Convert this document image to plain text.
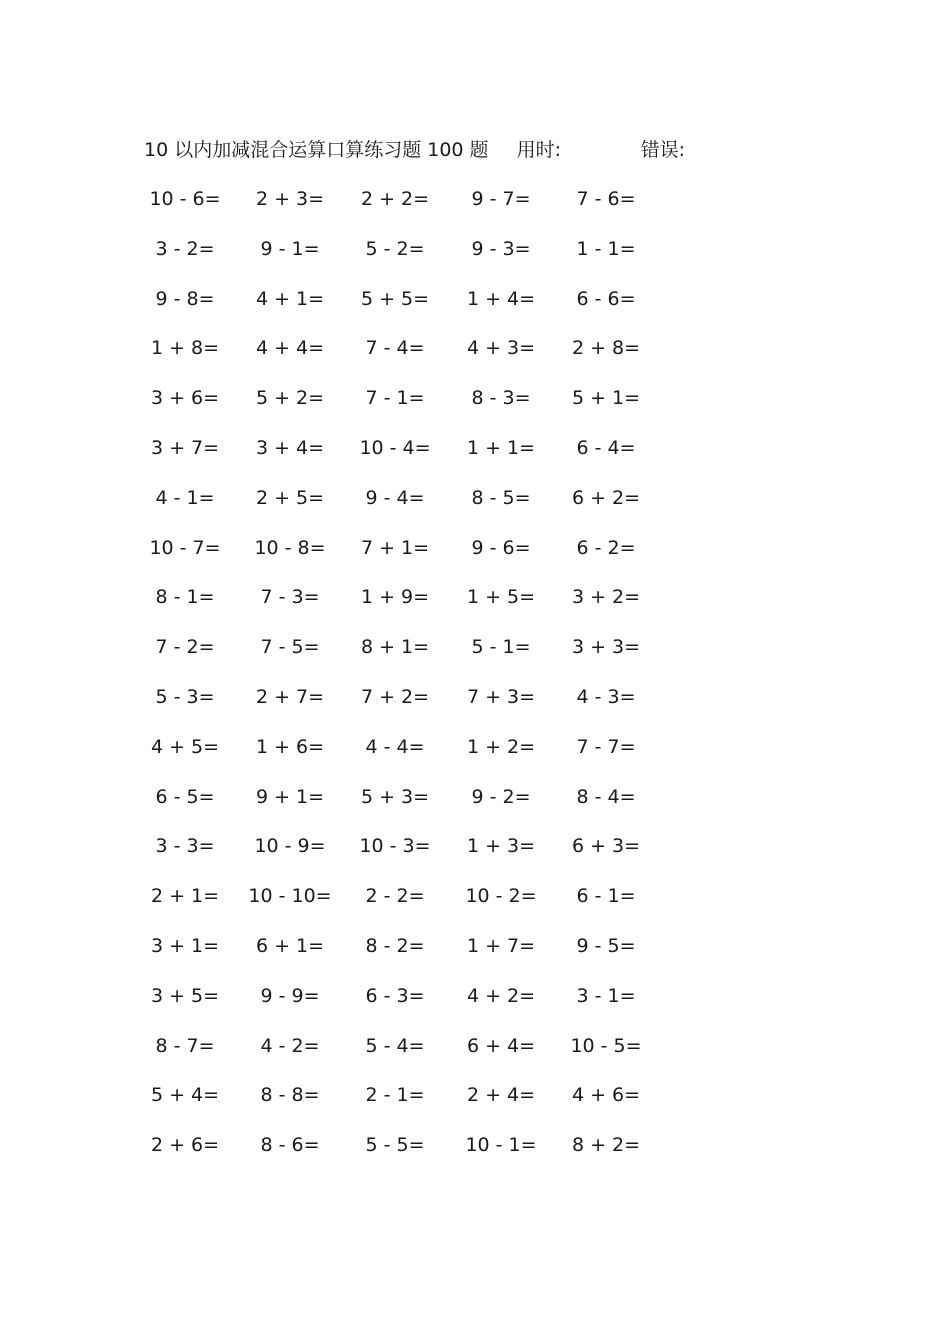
10 以内加减混合运算口算练习题 100 题 用时:	错误:
10 - 6=	2 + 3=	2 + 2=	9 - 7=	7 - 6=
3 - 2=	9 - 1=	5 - 2=	9 - 3=	1 - 1=
9 - 8=	4 + 1=	5 + 5=	1 + 4=	6 - 6=
1 + 8=	4 + 4=	7 - 4=	4 + 3=	2 + 8=
3 + 6=	5 + 2=	7 - 1=	8 - 3=	5 + 1=
3 + 7=	3 + 4=	10 - 4=	1 + 1=	6 - 4=
4 - 1=	2 + 5=	9 - 4=	8 - 5=	6 + 2=
10 - 7=	10 - 8=	7 + 1=	9 - 6=	6 - 2=
8 - 1=	7 - 3=	1 + 9=	1 + 5=	3 + 2=
7 - 2=	7 - 5=	8 + 1=	5 - 1=	3 + 3=
5 - 3=	2 + 7=	7 + 2=	7 + 3=	4 - 3=
4 + 5=	1 + 6=	4 - 4=	1 + 2=	7 - 7=
6 - 5=	9 + 1=	5 + 3=	9 - 2=	8 - 4=
3 - 3=	10 - 9=	10 - 3=	1 + 3=	6 + 3=
2 + 1=	10 - 10=	2 - 2=	10 - 2=	6 - 1=
3 + 1=	6 + 1=	8 - 2=	1 + 7=	9 - 5=
3 + 5=	9 - 9=	6 - 3=	4 + 2=	3 - 1=
8 - 7=	4 - 2=	5 - 4=	6 + 4=	10 - 5=
5 + 4=	8 - 8=	2 - 1=	2 + 4=	4 + 6=
2 + 6=	8 - 6=	5 - 5=	10 - 1=	8 + 2=
